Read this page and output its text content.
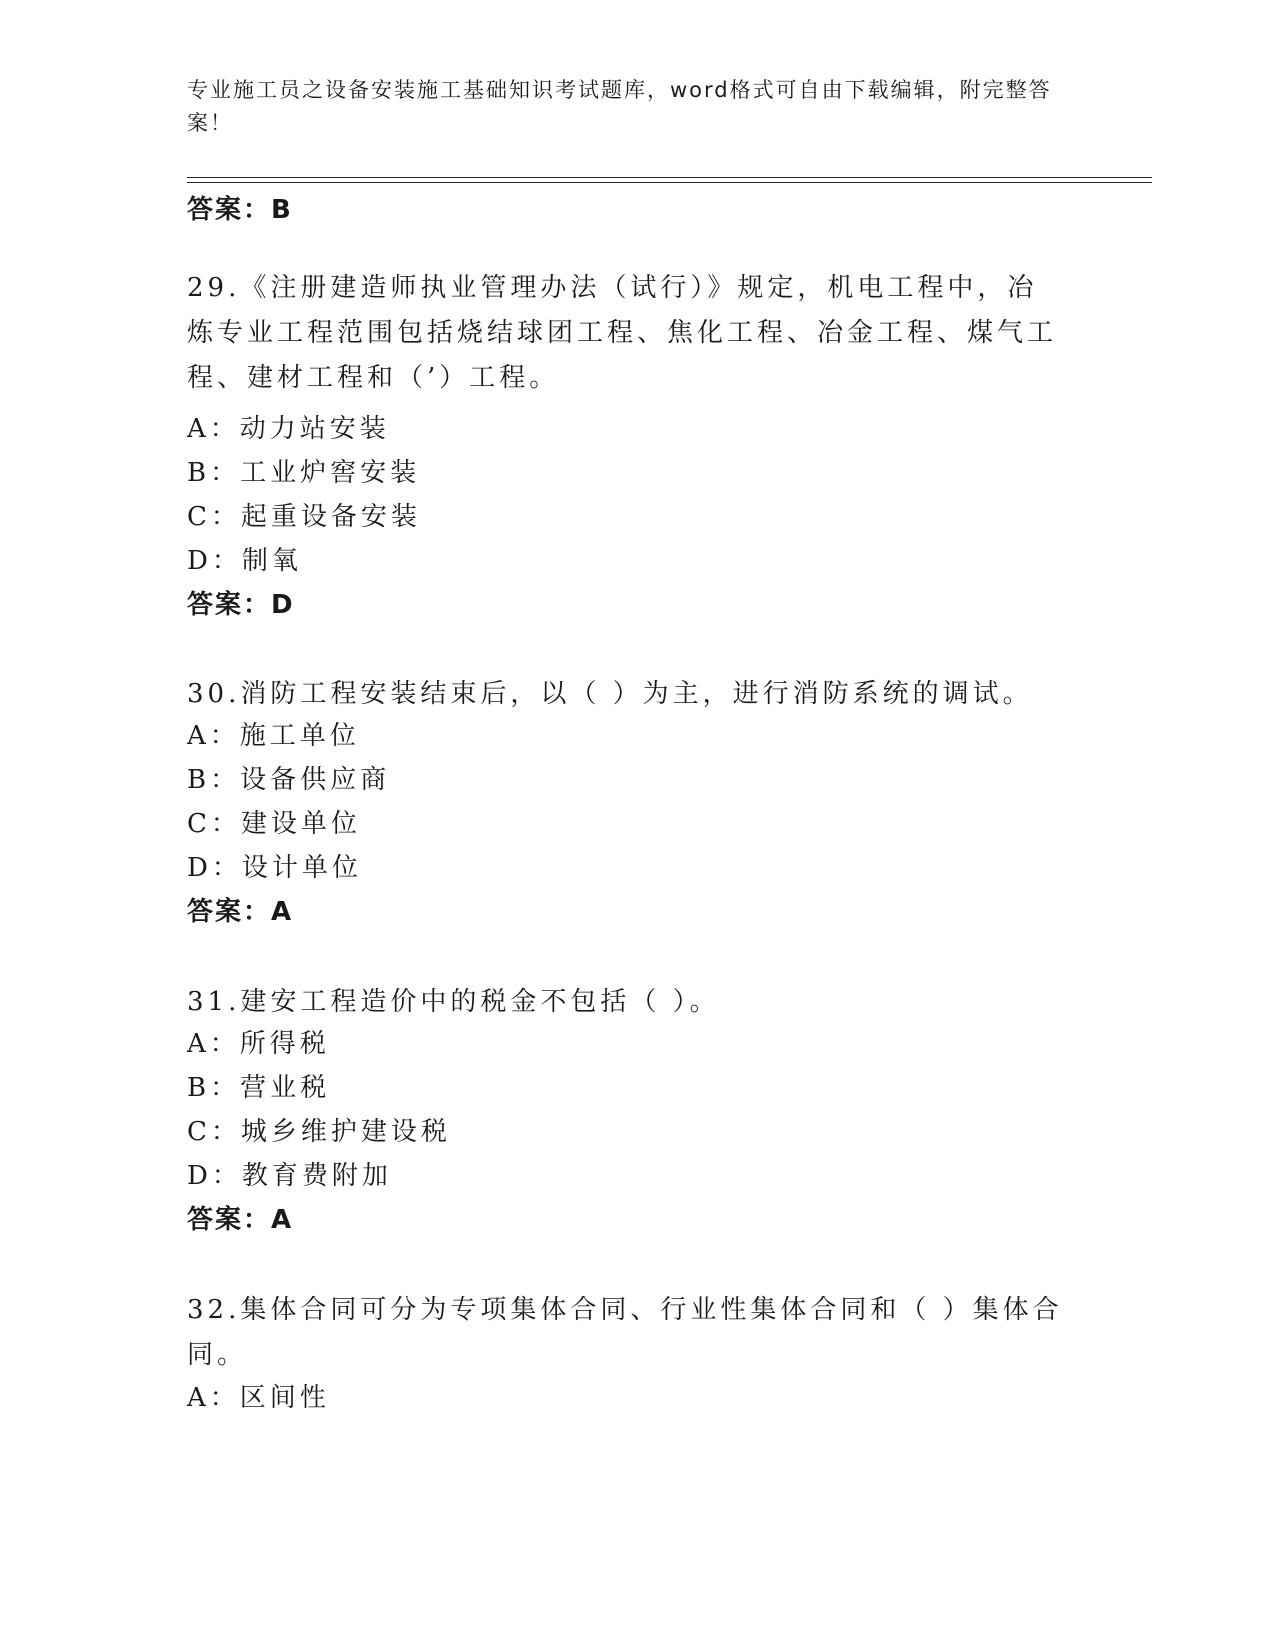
专业施工员之设备安装施工基础知识考试题库，word格式可自由下载编辑，附完整答案！
答案：B
29.《注册建造师执业管理办法（试行）》规定，机电工程中，冶炼专业工程范围包括烧结球团工程、焦化工程、冶金工程、煤气工程、建材工程和（’）工程。
A：动力站安装
B：工业炉窖安装
C：起重设备安装
D：制氧
答案：D
30.消防工程安装结束后，以（ ）为主，进行消防系统的调试。
A：施工单位
B：设备供应商
C：建设单位
D：设计单位
答案：A
31.建安工程造价中的税金不包括（ ）。
A：所得税
B：营业税
C：城乡维护建设税
D：教育费附加
答案：A
32.集体合同可分为专项集体合同、行业性集体合同和（ ）集体合同。
A：区间性
